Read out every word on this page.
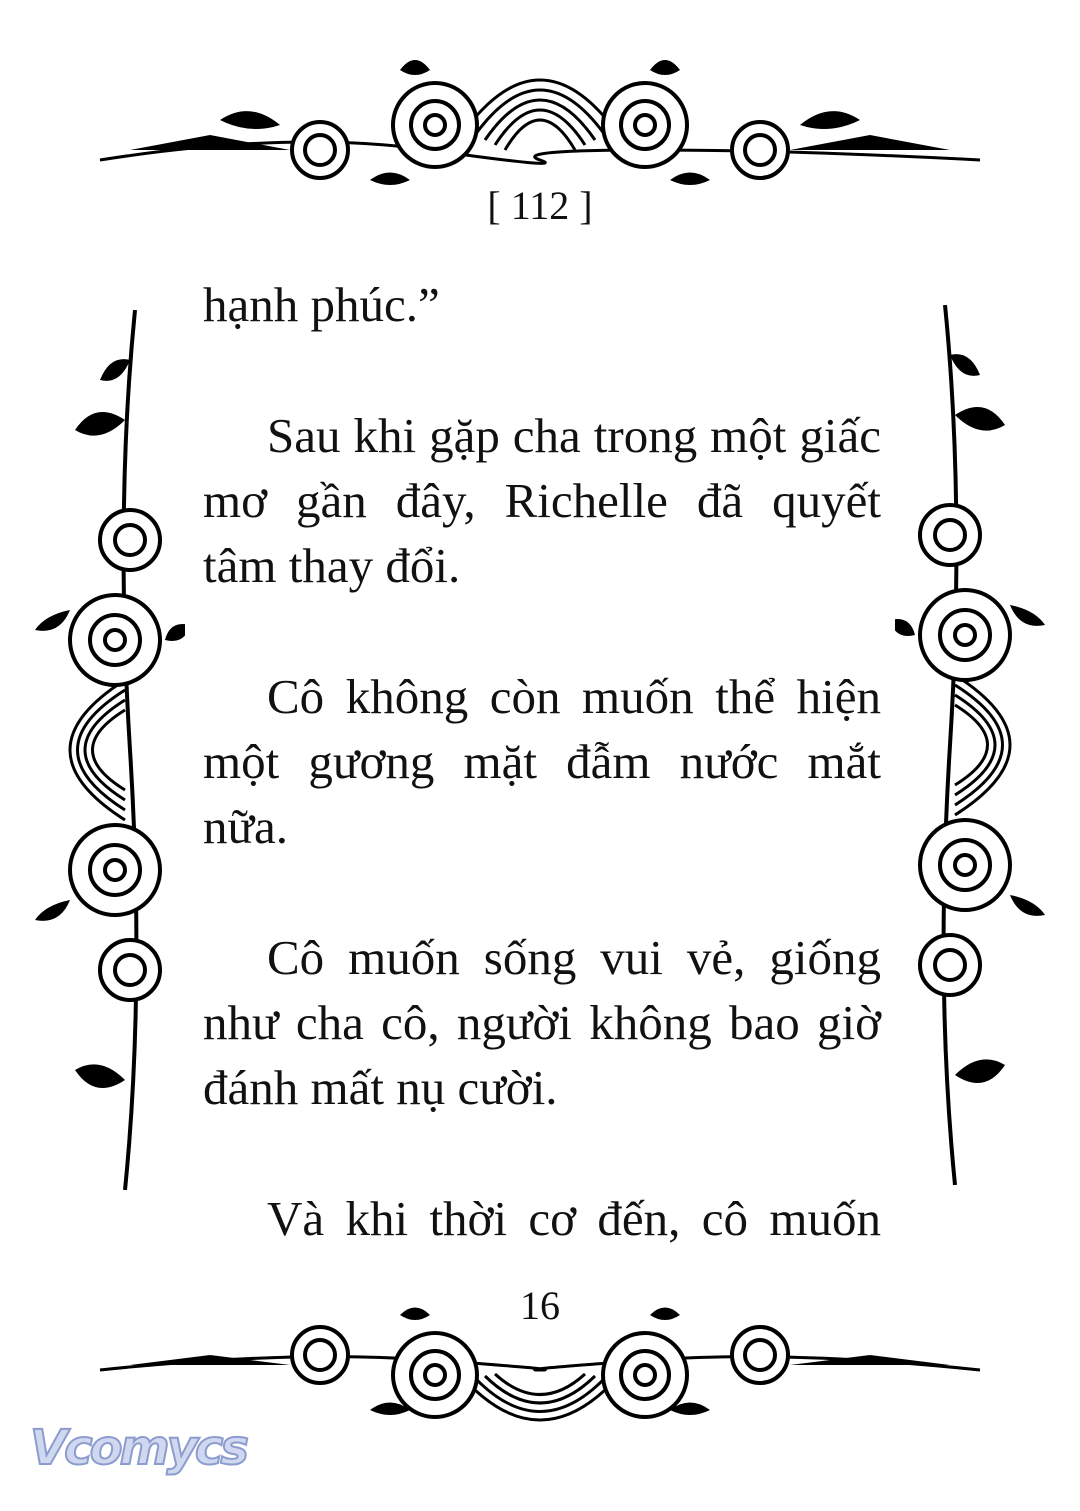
[ 112 ]

hạnh phúc.”

Sau khi gặp cha trong một giấc mơ gần đây, Richelle đã quyết tâm thay đổi.

Cô không còn muốn thể hiện một gương mặt đẫm nước mắt nữa.

Cô muốn sống vui vẻ, giống như cha cô, người không bao giờ đánh mất nụ cười.

Và khi thời cơ đến, cô muốn

16
Vcomycs
